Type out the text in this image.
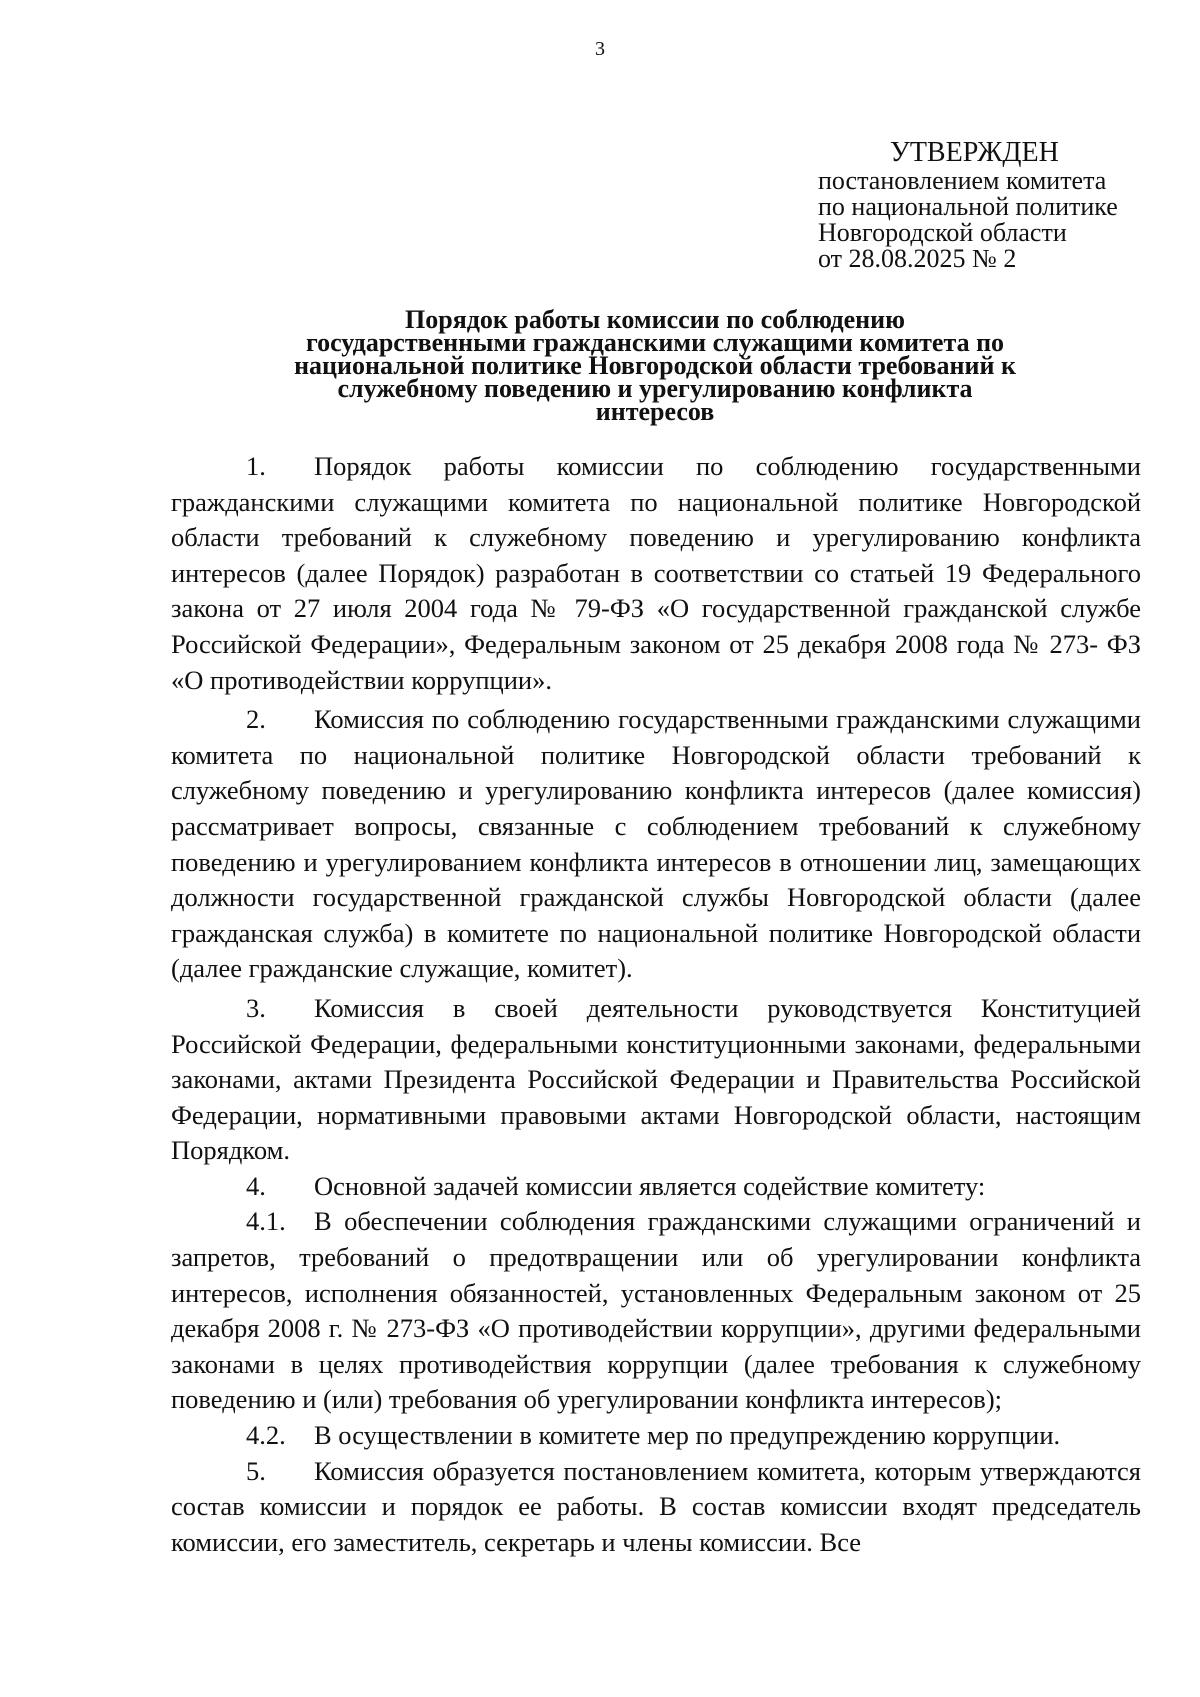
3
УТВЕРЖДЕН
постановлением комитета
по национальной политике
Новгородской области
от 28.08.2025 № 2
Порядок работы комиссии по соблюдению
государственными гражданскими служащими комитета по
национальной политике Новгородской области требований к
служебному поведению и урегулированию конфликта
интересов

1. Порядок работы комиссии по соблюдению государственными гражданскими служащими комитета по национальной политике Новгородской области требований к служебному поведению и урегулированию конфликта интересов (далее Порядок) разработан в соответствии со статьей 19 Федерального закона от 27 июля 2004 года № 79-ФЗ «О государственной гражданской службе Российской Федерации», Федеральным законом от 25 декабря 2008 года № 273- ФЗ «О противодействии коррупции».

2. Комиссия по соблюдению государственными гражданскими служащими комитета по национальной политике Новгородской области требований к служебному поведению и урегулированию конфликта интересов (далее комиссия) рассматривает вопросы, связанные с соблюдением требований к служебному поведению и урегулированием конфликта интересов в отношении лиц, замещающих должности государственной гражданской службы Новгородской области (далее гражданская служба) в комитете по национальной политике Новгородской области (далее гражданские служащие, комитет).

3. Комиссия в своей деятельности руководствуется Конституцией Российской Федерации, федеральными конституционными законами, федеральными законами, актами Президента Российской Федерации и Правительства Российской Федерации, нормативными правовыми актами Новгородской области, настоящим Порядком.

4. Основной задачей комиссии является содействие комитету:

4.1. В обеспечении соблюдения гражданскими служащими ограничений и запретов, требований о предотвращении или об урегулировании конфликта интересов, исполнения обязанностей, установленных Федеральным законом от 25 декабря 2008 г. № 273-ФЗ «О противодействии коррупции», другими федеральными законами в целях противодействия коррупции (далее требования к служебному поведению и (или) требования об урегулировании конфликта интересов);

4.2. В осуществлении в комитете мер по предупреждению коррупции.

5. Комиссия образуется постановлением комитета, которым утверждаются состав комиссии и порядок ее работы. В состав комиссии входят председатель комиссии, его заместитель, секретарь и члены комиссии. Все
